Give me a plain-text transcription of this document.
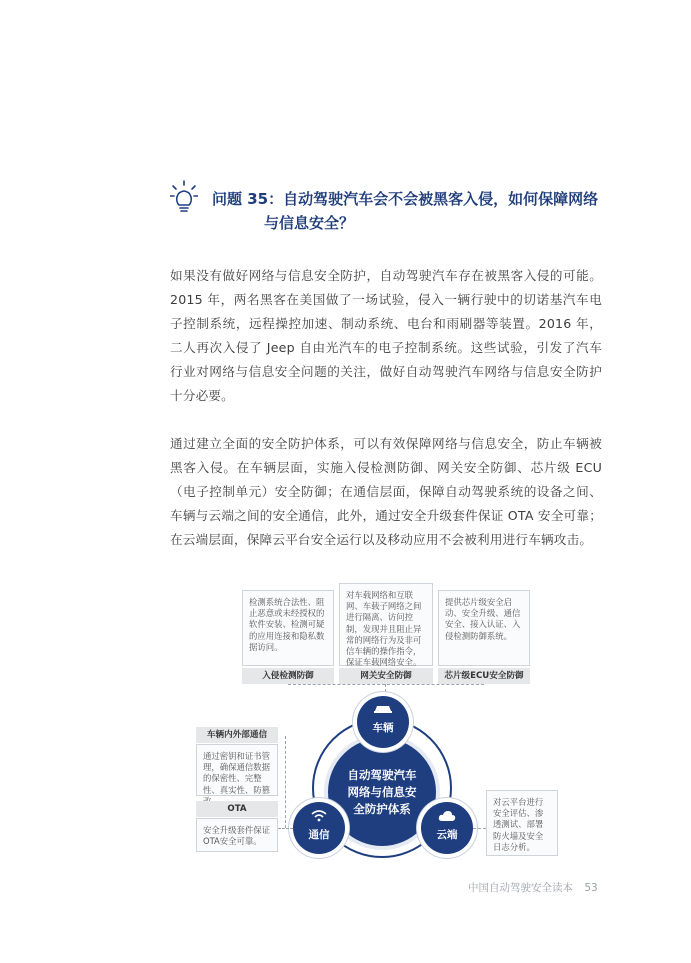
问题 35：自动驾驶汽车会不会被黑客入侵，如何保障网络
与信息安全？
如果没有做好网络与信息安全防护，自动驾驶汽车存在被黑客入侵的可能。2015 年，两名黑客在美国做了一场试验，侵入一辆行驶中的切诺基汽车电子控制系统，远程操控加速、制动系统、电台和雨刷器等装置。2016 年，二人再次入侵了 Jeep 自由光汽车的电子控制系统。这些试验，引发了汽车行业对网络与信息安全问题的关注，做好自动驾驶汽车网络与信息安全防护十分必要。
通过建立全面的安全防护体系，可以有效保障网络与信息安全，防止车辆被黑客入侵。在车辆层面，实施入侵检测防御、网关安全防御、芯片级 ECU（电子控制单元）安全防御；在通信层面，保障自动驾驶系统的设备之间、车辆与云端之间的安全通信，此外，通过安全升级套件保证 OTA 安全可靠；在云端层面，保障云平台安全运行以及移动应用不会被利用进行车辆攻击。
检测系统合法性、阻止恶意或未经授权的软件安装、检测可疑的应用连接和隐私数据访问。
入侵检测防御
对车载网络和互联网、车载子网络之间进行隔离、访问控制，发现并且阻止异常的网络行为及非可信车辆的操作指令，保证车载网络安全。
网关安全防御
提供芯片级安全启动、安全升级、通信安全、接入认证、入侵检测防御系统。
芯片级ECU安全防御
自动驾驶汽车网络与信息安全防护体系
车辆
通信	云端
车辆内外部通信
通过密钥和证书管理，确保通信数据的保密性、完整性、真实性、防篡
OTA
安全升级套件保证OTA安全可靠。
对云平台进行安全评估、渗透测试、部署防火墙及安全日志分析。
中国自动驾驶安全读本 53
